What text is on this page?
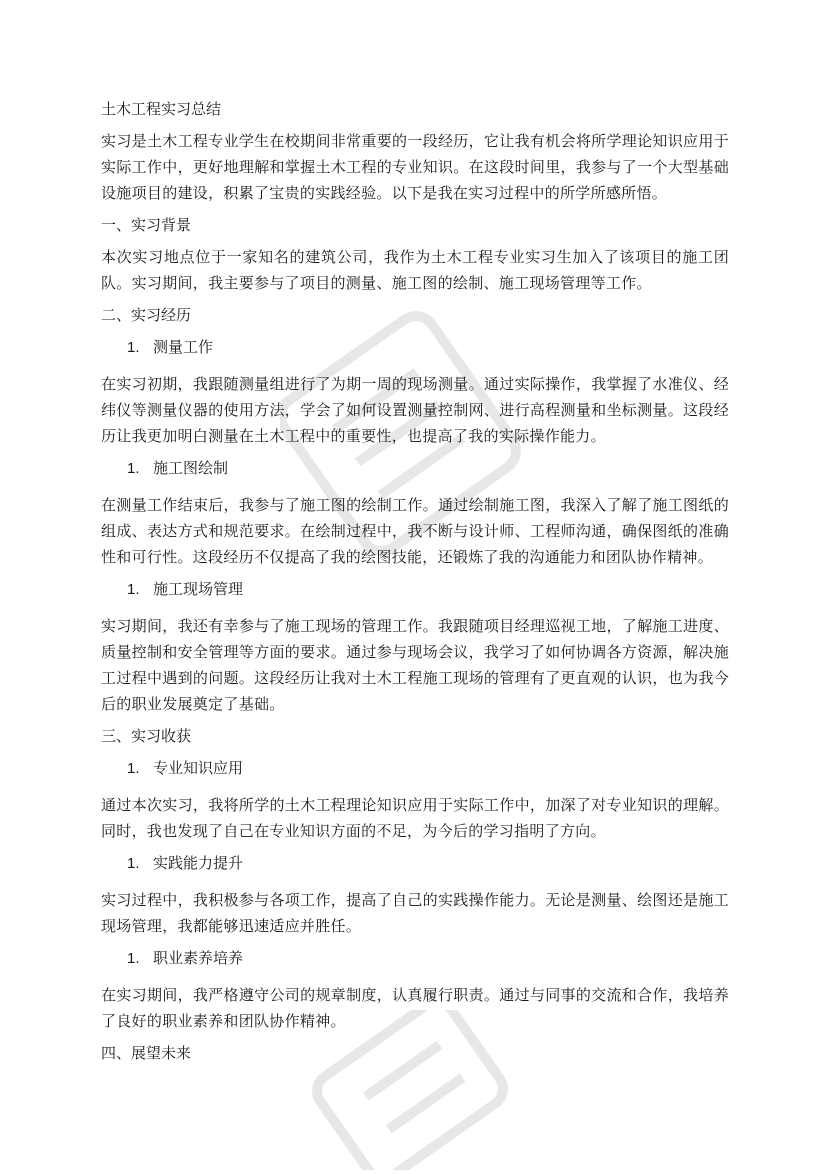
土木工程实习总结

实习是土木工程专业学生在校期间非常重要的一段经历，它让我有机会将所学理论知识应用于实际工作中，更好地理解和掌握土木工程的专业知识。在这段时间里，我参与了一个大型基础设施项目的建设，积累了宝贵的实践经验。以下是我在实习过程中的所学所感所悟。

一、实习背景

本次实习地点位于一家知名的建筑公司，我作为土木工程专业实习生加入了该项目的施工团队。实习期间，我主要参与了项目的测量、施工图的绘制、施工现场管理等工作。

二、实习经历

1. 测量工作

在实习初期，我跟随测量组进行了为期一周的现场测量。通过实际操作，我掌握了水准仪、经纬仪等测量仪器的使用方法，学会了如何设置测量控制网、进行高程测量和坐标测量。这段经历让我更加明白测量在土木工程中的重要性，也提高了我的实际操作能力。

1. 施工图绘制

在测量工作结束后，我参与了施工图的绘制工作。通过绘制施工图，我深入了解了施工图纸的组成、表达方式和规范要求。在绘制过程中，我不断与设计师、工程师沟通，确保图纸的准确性和可行性。这段经历不仅提高了我的绘图技能，还锻炼了我的沟通能力和团队协作精神。

1. 施工现场管理

实习期间，我还有幸参与了施工现场的管理工作。我跟随项目经理巡视工地，了解施工进度、质量控制和安全管理等方面的要求。通过参与现场会议，我学习了如何协调各方资源，解决施工过程中遇到的问题。这段经历让我对土木工程施工现场的管理有了更直观的认识，也为我今后的职业发展奠定了基础。

三、实习收获

1. 专业知识应用

通过本次实习，我将所学的土木工程理论知识应用于实际工作中，加深了对专业知识的理解。同时，我也发现了自己在专业知识方面的不足，为今后的学习指明了方向。

1. 实践能力提升

实习过程中，我积极参与各项工作，提高了自己的实践操作能力。无论是测量、绘图还是施工现场管理，我都能够迅速适应并胜任。

1. 职业素养培养

在实习期间，我严格遵守公司的规章制度，认真履行职责。通过与同事的交流和合作，我培养了良好的职业素养和团队协作精神。

四、展望未来
